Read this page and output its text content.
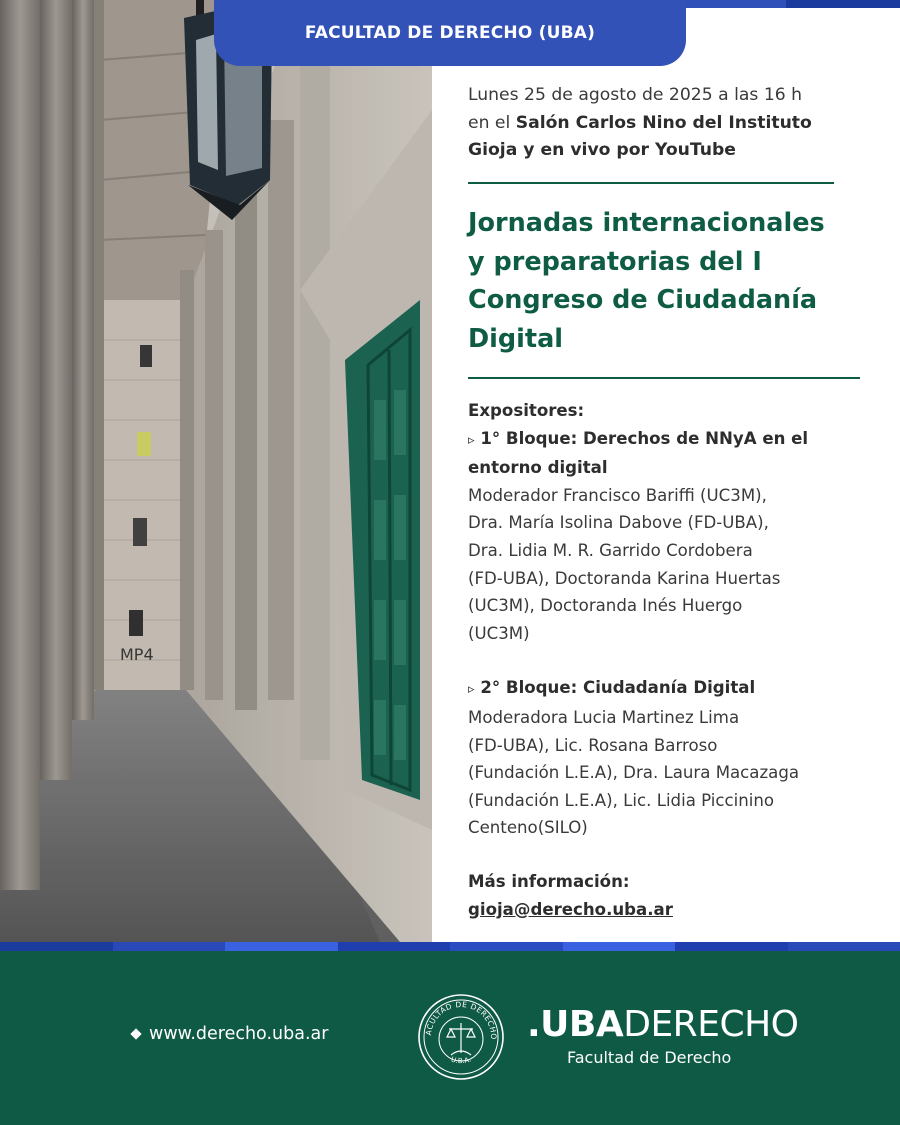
MP4
FACULTAD DE DERECHO (UBA)
Lunes 25 de agosto de 2025 a las 16 h
en el Salón Carlos Nino del Instituto
Gioja y en vivo por YouTube
Jornadas internacionales
y preparatorias del I
Congreso de Ciudadanía
Digital

Expositores:

▹ 1° Bloque: Derechos de NNyA en el

entorno digital

Moderador Francisco Bariffi (UC3M),

Dra. María Isolina Dabove (FD-UBA),

Dra. Lidia M. R. Garrido Cordobera

(FD-UBA), Doctoranda Karina Huertas

(UC3M), Doctoranda Inés Huergo

(UC3M)

▹ 2° Bloque: Ciudadanía Digital

Moderadora Lucia Martinez Lima

(FD-UBA), Lic. Rosana Barroso

(Fundación L.E.A), Dra. Laura Macazaga

(Fundación L.E.A), Lic. Lidia Piccinino

Centeno(SILO)

Más información:
gioja@derecho.uba.ar
www.derecho.uba.ar	ACULTAD DE DERECHO
U.B.A.
.UBADERECHO
Facultad de Derecho
